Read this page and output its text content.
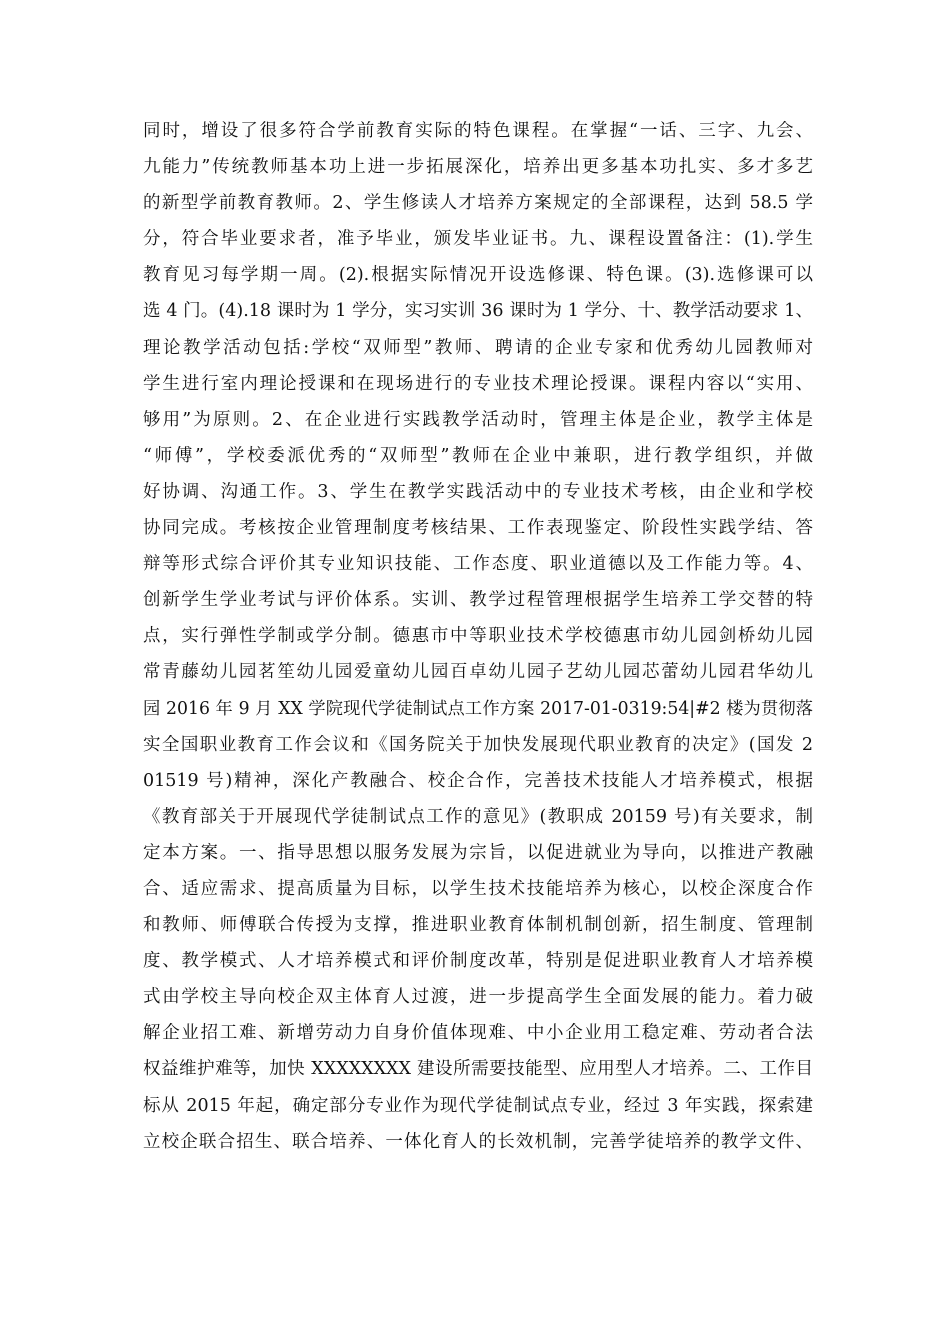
同时，增设了很多符合学前教育实际的特色课程。在掌握“一话、三字、九会、
九能力”传统教师基本功上进一步拓展深化，培养出更多基本功扎实、多才多艺
的新型学前教育教师。2、学生修读人才培养方案规定的全部课程，达到 58.5 学
分，符合毕业要求者，准予毕业，颁发毕业证书。九、课程设置备注：(1).学生
教育见习每学期一周。(2).根据实际情况开设选修课、特色课。(3).选修课可以
选 4 门。(4).18 课时为 1 学分，实习实训 36 课时为 1 学分、十、教学活动要求 1、
理论教学活动包括:学校“双师型”教师、聘请的企业专家和优秀幼儿园教师对
学生进行室内理论授课和在现场进行的专业技术理论授课。课程内容以“实用、
够用”为原则。2、在企业进行实践教学活动时，管理主体是企业，教学主体是
“师傅”，学校委派优秀的“双师型”教师在企业中兼职，进行教学组织，并做
好协调、沟通工作。3、学生在教学实践活动中的专业技术考核，由企业和学校
协同完成。考核按企业管理制度考核结果、工作表现鉴定、阶段性实践学结、答
辩等形式综合评价其专业知识技能、工作态度、职业道德以及工作能力等。4、
创新学生学业考试与评价体系。实训、教学过程管理根据学生培养工学交替的特
点，实行弹性学制或学分制。德惠市中等职业技术学校德惠市幼儿园剑桥幼儿园
常青藤幼儿园茗笙幼儿园爱童幼儿园百卓幼儿园子艺幼儿园芯蕾幼儿园君华幼儿
园 2016 年 9 月 XX 学院现代学徒制试点工作方案 2017-01-0319:54|#2 楼为贯彻落
实全国职业教育工作会议和《国务院关于加快发展现代职业教育的决定》(国发 2
01519 号)精神，深化产教融合、校企合作，完善技术技能人才培养模式，根据
《教育部关于开展现代学徒制试点工作的意见》(教职成 20159 号)有关要求，制
定本方案。一、指导思想以服务发展为宗旨，以促进就业为导向，以推进产教融
合、适应需求、提高质量为目标，以学生技术技能培养为核心，以校企深度合作
和教师、师傅联合传授为支撑，推进职业教育体制机制创新，招生制度、管理制
度、教学模式、人才培养模式和评价制度改革，特别是促进职业教育人才培养模
式由学校主导向校企双主体育人过渡，进一步提高学生全面发展的能力。着力破
解企业招工难、新增劳动力自身价值体现难、中小企业用工稳定难、劳动者合法
权益维护难等，加快 XXXXXXXX 建设所需要技能型、应用型人才培养。二、工作目
标从 2015 年起，确定部分专业作为现代学徒制试点专业，经过 3 年实践，探索建
立校企联合招生、联合培养、一体化育人的长效机制，完善学徒培养的教学文件、
